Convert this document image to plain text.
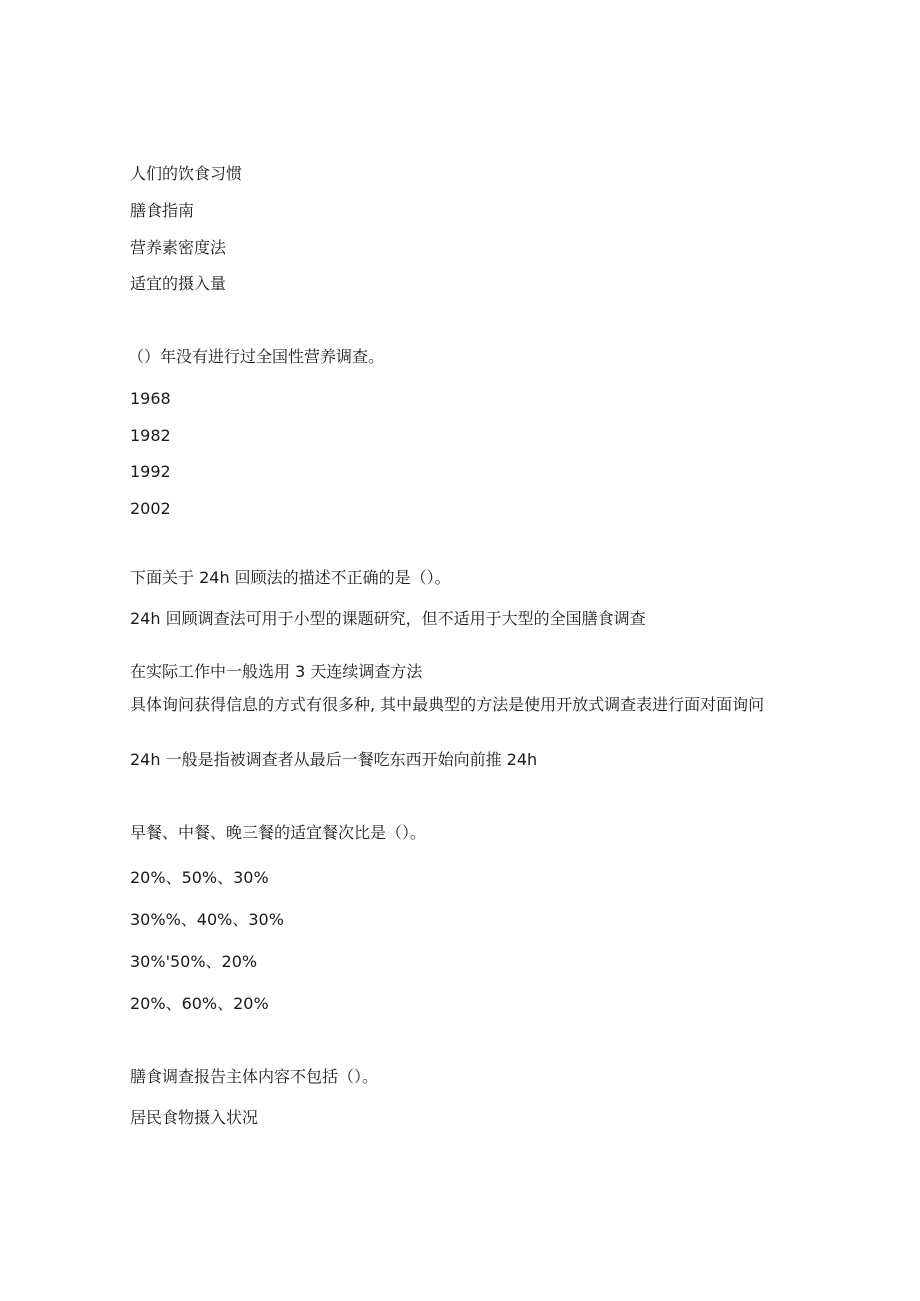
人们的饮食习惯

膳食指南

营养素密度法

适宜的摄入量

（）年没有进行过全国性营养调查。

1968

1982

1992

2002

下面关于 24h 回顾法的描述不正确的是（）。

24h 回顾调查法可用于小型的课题研究，但不适用于大型的全国膳食调查

在实际工作中一般选用 3 天连续调查方法

具体询问获得信息的方式有很多种, 其中最典型的方法是使用开放式调查表进行面对面询问

24h 一般是指被调查者从最后一餐吃东西开始向前推 24h

早餐、中餐、晚三餐的适宜餐次比是（）。

20%、50%、30%

30%%、40%、30%

30%'50%、20%

20%、60%、20%

膳食调查报告主体内容不包括（）。

居民食物摄入状况
